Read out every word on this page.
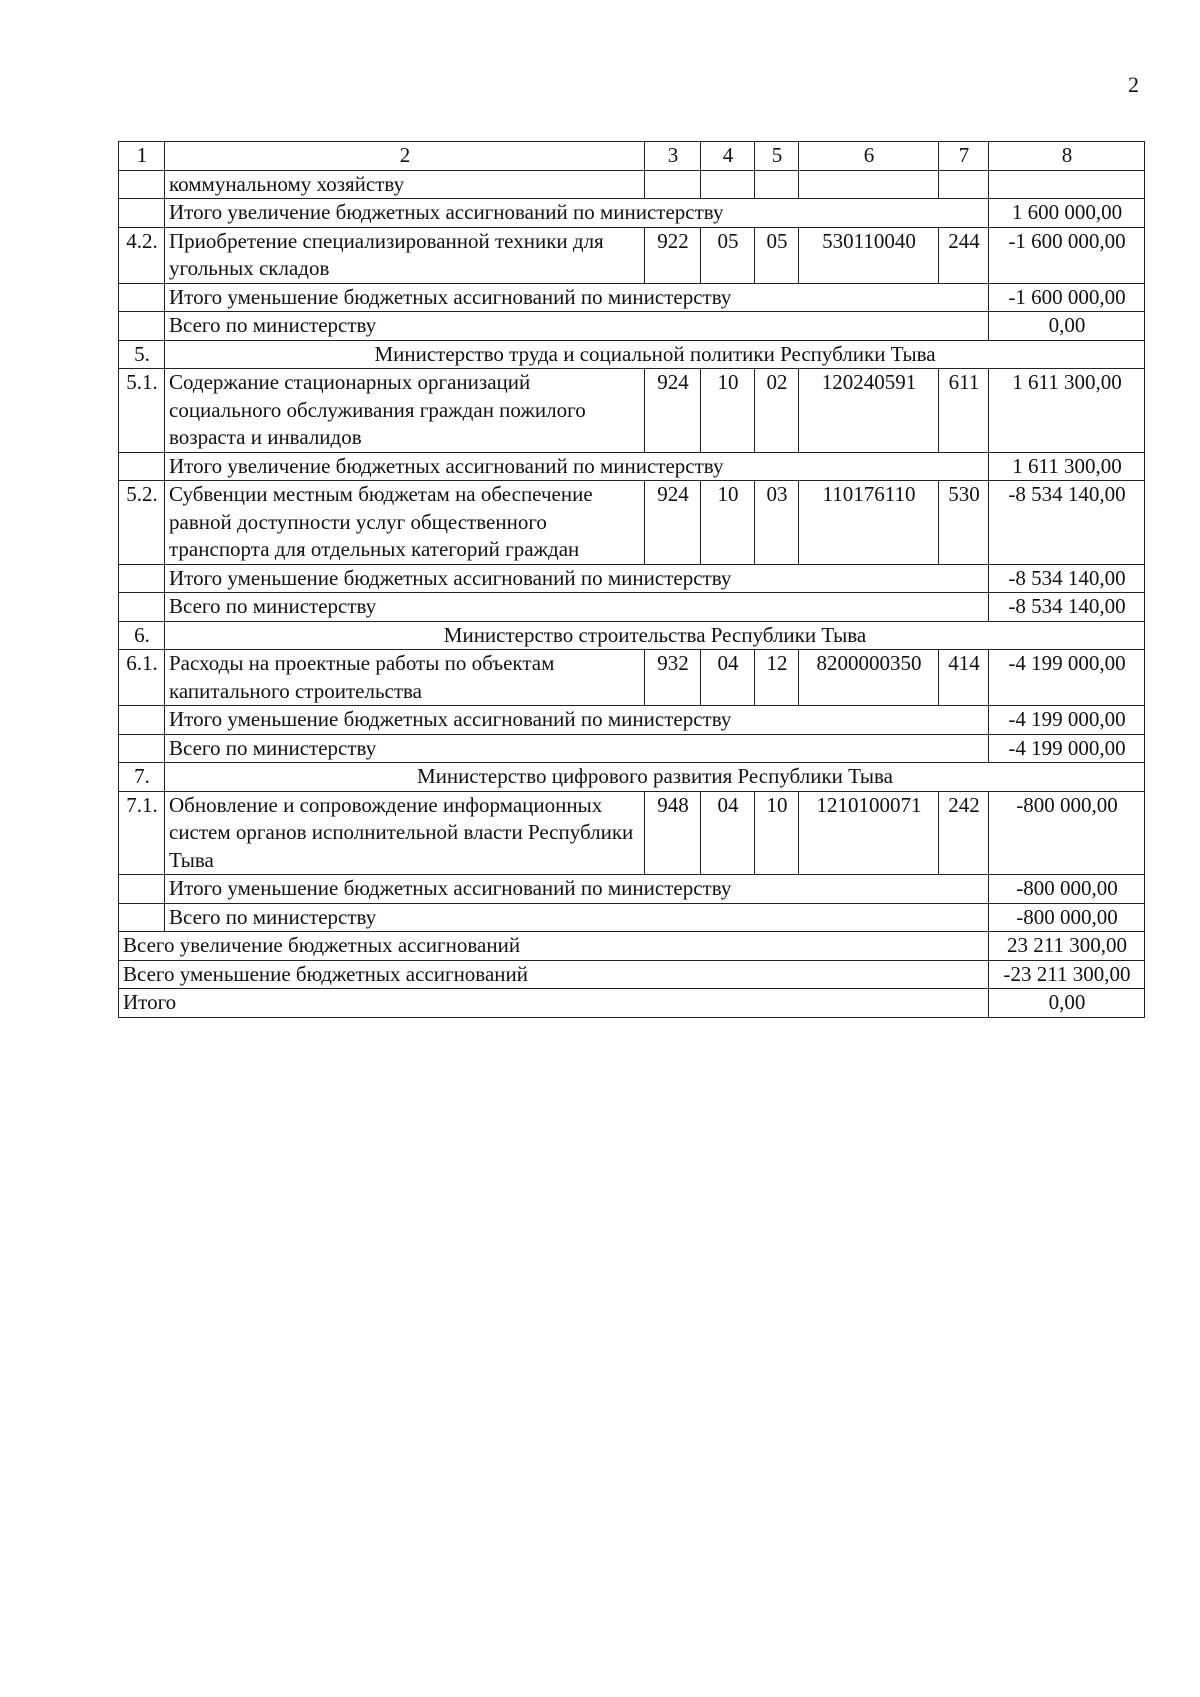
2
1	2	3	4	5	6	7	8
	коммунальному хозяйству						
	Итого увеличение бюджетных ассигнований по министерству						1 600 000,00
4.2.	Приобретение специализированной техники для угольных складов	922	05	05	530110040	244	-1 600 000,00
	Итого уменьшение бюджетных ассигнований по министерству						-1 600 000,00
	Всего по министерству						0,00
5.	Министерство труда и социальной политики Республики Тыва						
5.1.	Содержание стационарных организаций социального обслуживания граждан пожилого возраста и инвалидов	924	10	02	120240591	611	1 611 300,00
	Итого увеличение бюджетных ассигнований по министерству						1 611 300,00
5.2.	Субвенции местным бюджетам на обеспечение равной доступности услуг общественного транспорта для отдельных категорий граждан	924	10	03	110176110	530	-8 534 140,00
	Итого уменьшение бюджетных ассигнований по министерству						-8 534 140,00
	Всего по министерству						-8 534 140,00
6.	Министерство строительства Республики Тыва						
6.1.	Расходы на проектные работы по объектам капитального строительства	932	04	12	8200000350	414	-4 199 000,00
	Итого уменьшение бюджетных ассигнований по министерству						-4 199 000,00
	Всего по министерству						-4 199 000,00
7.	Министерство цифрового развития Республики Тыва						
7.1.	Обновление и сопровождение информационных систем органов исполнительной власти Республики Тыва	948	04	10	1210100071	242	-800 000,00
	Итого уменьшение бюджетных ассигнований по министерству						-800 000,00
	Всего по министерству						-800 000,00
Всего увеличение бюджетных ассигнований							23 211 300,00
Всего уменьшение бюджетных ассигнований							-23 211 300,00
Итого							0,00
